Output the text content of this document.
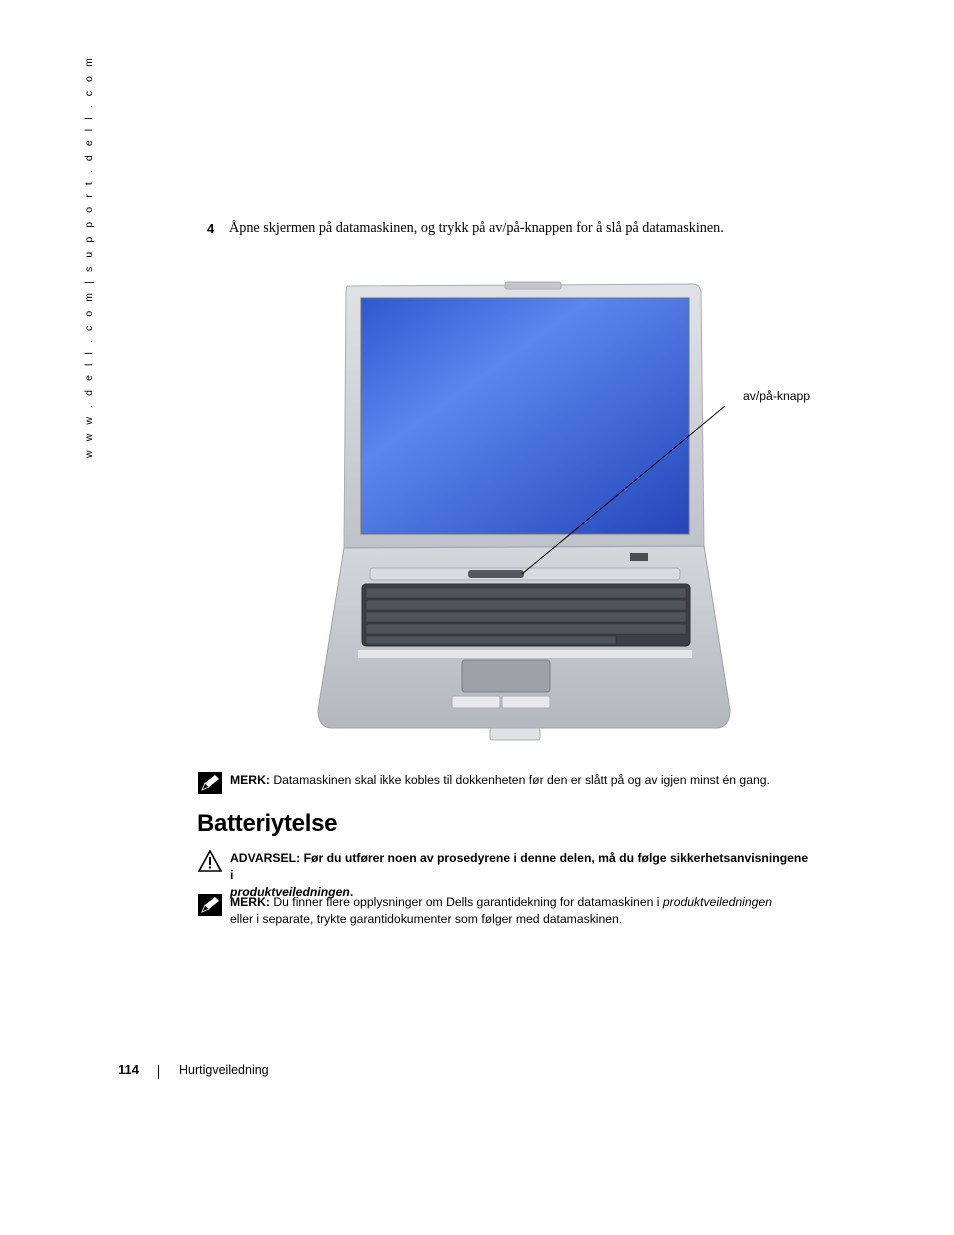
w w w . d e l l . c o m | s u p p o r t . d e l l . c o m	4 Åpne skjermen på datamaskinen, og trykk på av/på-knappen for å slå på datamaskinen.
av/på-knapp
MERK: Datamaskinen skal ikke kobles til dokkenheten før den er slått på og av igjen minst én gang.
Batteriytelse
ADVARSEL: Før du utfører noen av prosedyrene i denne delen, må du følge sikkerhetsanvisningene i
produktveiledningen.
MERK: Du finner flere opplysninger om Dells garantidekning for datamaskinen i produktveiledningen
eller i separate, trykte garantidokumenter som følger med datamaskinen.
114	Hurtigveiledning
